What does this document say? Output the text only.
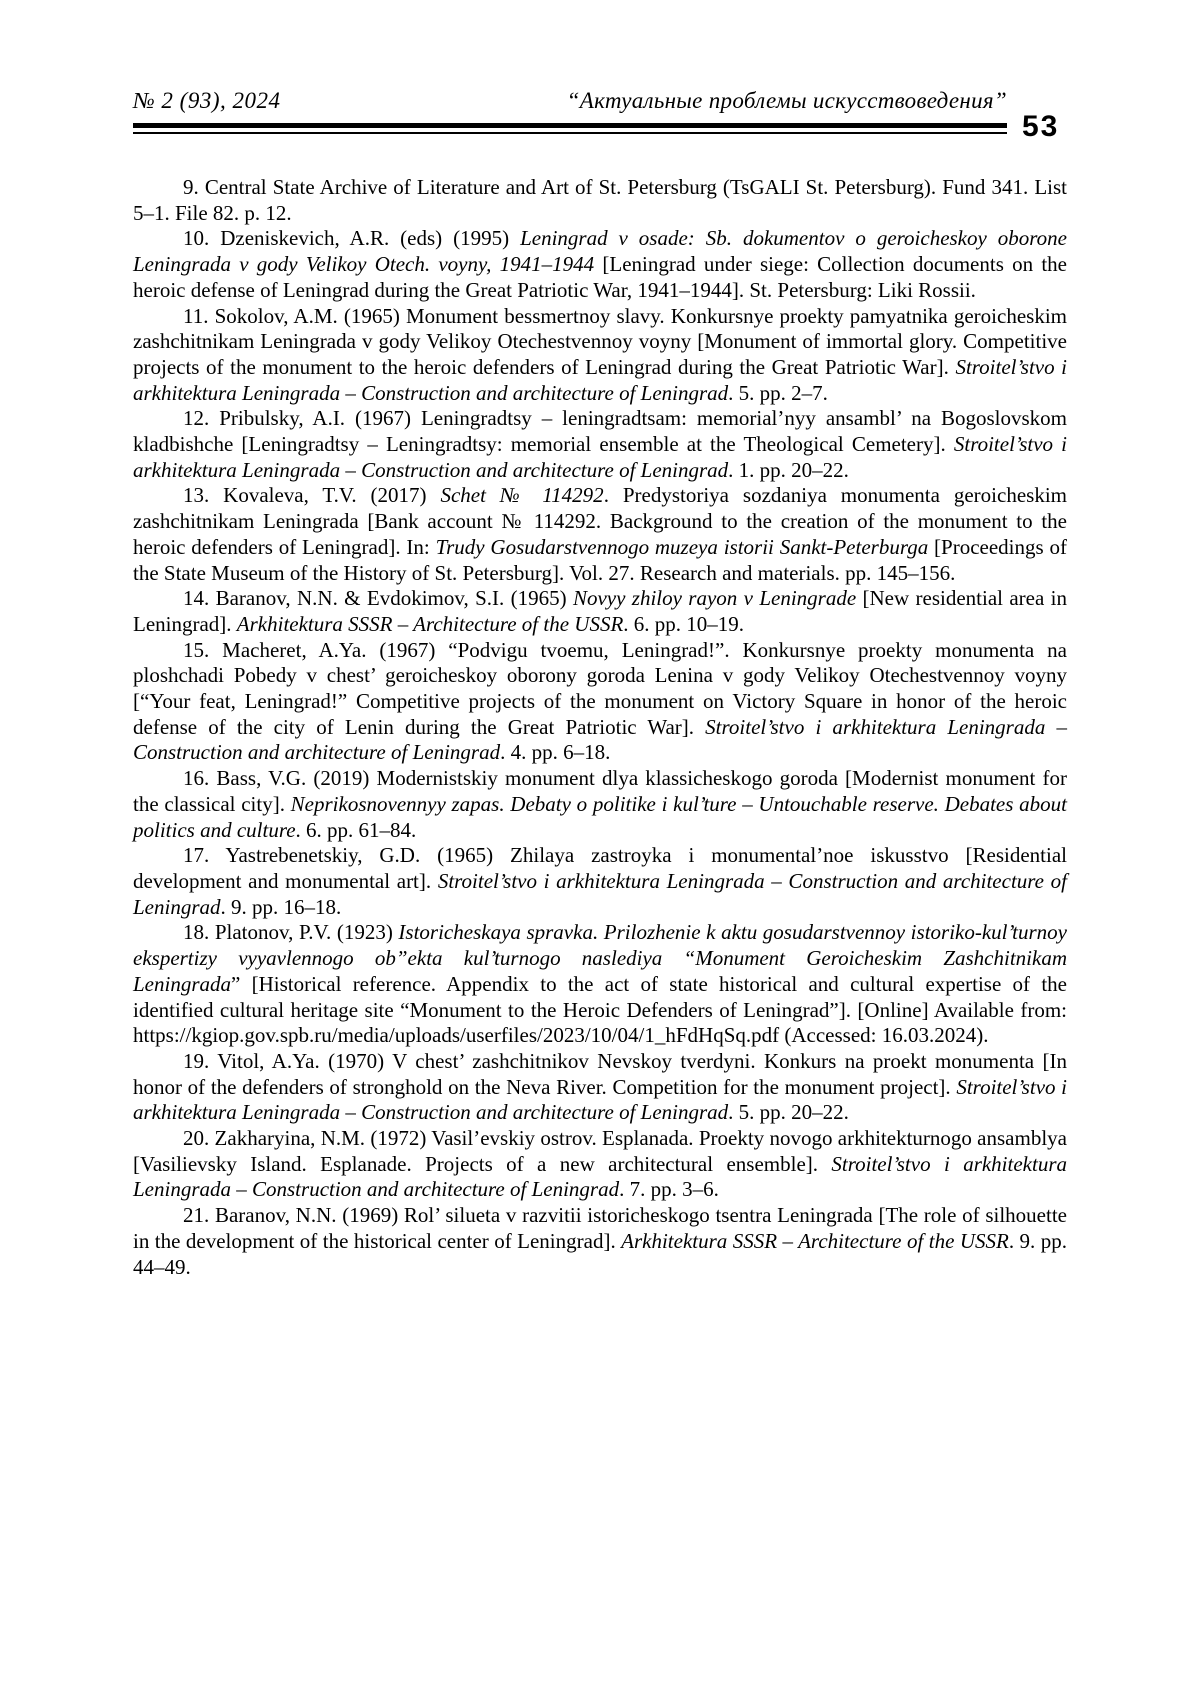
№ 2 (93), 2024	“Актуальные проблемы искусствоведения”
53

9. Central State Archive of Literature and Art of St. Petersburg (TsGALI St. Petersburg). Fund 341. List 5–1. File 82. p. 12.

10. Dzeniskevich, A.R. (eds) (1995) Leningrad v osade: Sb. dokumentov o geroicheskoy oborone Leningrada v gody Velikoy Otech. voyny, 1941–1944 [Leningrad under siege: Collection documents on the heroic defense of Leningrad during the Great Patriotic War, 1941–1944]. St. Petersburg: Liki Rossii.

11. Sokolov, A.M. (1965) Monument bessmertnoy slavy. Konkursnye proekty pamyatnika geroicheskim zashchitnikam Leningrada v gody Velikoy Otechestvennoy voyny [Monument of immortal glory. Competitive projects of the monument to the heroic defenders of Leningrad during the Great Patriotic War]. Stroitel’stvo i arkhitektura Leningrada – Construction and architecture of Leningrad. 5. pp. 2–7.

12. Pribulsky, A.I. (1967) Leningradtsy – leningradtsam: memorial’nyy ansambl’ na Bogoslovskom kladbishche [Leningradtsy – Leningradtsy: memorial ensemble at the Theological Cemetery]. Stroitel’stvo i arkhitektura Leningrada – Construction and architecture of Leningrad. 1. pp. 20–22.

13. Kovaleva, T.V. (2017) Schet № 114292. Predystoriya sozdaniya monumenta geroicheskim zashchitnikam Leningrada [Bank account № 114292. Background to the creation of the monument to the heroic defenders of Leningrad]. In: Trudy Gosudarstvennogo muzeya istorii Sankt-Peterburga [Proceedings of the State Museum of the History of St. Petersburg]. Vol. 27. Research and materials. pp. 145–156.

14. Baranov, N.N. & Evdokimov, S.I. (1965) Novyy zhiloy rayon v Leningrade [New residential area in Leningrad]. Arkhitektura SSSR – Architecture of the USSR. 6. pp. 10–19.

15. Macheret, A.Ya. (1967) “Podvigu tvoemu, Leningrad!”. Konkursnye proekty monumenta na ploshchadi Pobedy v chest’ geroicheskoy oborony goroda Lenina v gody Velikoy Otechestvennoy voyny [“Your feat, Leningrad!” Competitive projects of the monument on Victory Square in honor of the heroic defense of the city of Lenin during the Great Patriotic War]. Stroitel’stvo i arkhitektura Leningrada – Construction and architecture of Leningrad. 4. pp. 6–18.

16. Bass, V.G. (2019) Modernistskiy monument dlya klassicheskogo goroda [Modernist monument for the classical city]. Neprikosnovennyy zapas. Debaty o politike i kul’ture – Untouchable reserve. Debates about politics and culture. 6. pp. 61–84.

17. Yastrebenetskiy, G.D. (1965) Zhilaya zastroyka i monumental’noe iskusstvo [Residential development and monumental art]. Stroitel’stvo i arkhitektura Leningrada – Construction and architecture of Leningrad. 9. pp. 16–18.

18. Platonov, P.V. (1923) Istoricheskaya spravka. Prilozhenie k aktu gosudarstvennoy istoriko-kul’turnoy ekspertizy vyyavlennogo ob”ekta kul’turnogo naslediya “Monument Geroicheskim Zashchitnikam Leningrada” [Historical reference. Appendix to the act of state historical and cultural expertise of the identified cultural heritage site “Monument to the Heroic Defenders of Leningrad”]. [Online] Available from: https://kgiop.gov.spb.ru/media/uploads/userfiles/2023/10/04/1_hFdHqSq.pdf (Accessed: 16.03.2024).

19. Vitol, A.Ya. (1970) V chest’ zashchitnikov Nevskoy tverdyni. Konkurs na proekt monumenta [In honor of the defenders of stronghold on the Neva River. Competition for the monument project]. Stroitel’stvo i arkhitektura Leningrada – Construction and architecture of Leningrad. 5. pp. 20–22.

20. Zakharyina, N.M. (1972) Vasil’evskiy ostrov. Esplanada. Proekty novogo arkhitekturnogo ansamblya [Vasilievsky Island. Esplanade. Projects of a new architectural ensemble]. Stroitel’stvo i arkhitektura Leningrada – Construction and architecture of Leningrad. 7. pp. 3–6.

21. Baranov, N.N. (1969) Rol’ silueta v razvitii istoricheskogo tsentra Leningrada [The role of silhouette in the development of the historical center of Leningrad]. Arkhitektura SSSR – Architecture of the USSR. 9. pp. 44–49.
